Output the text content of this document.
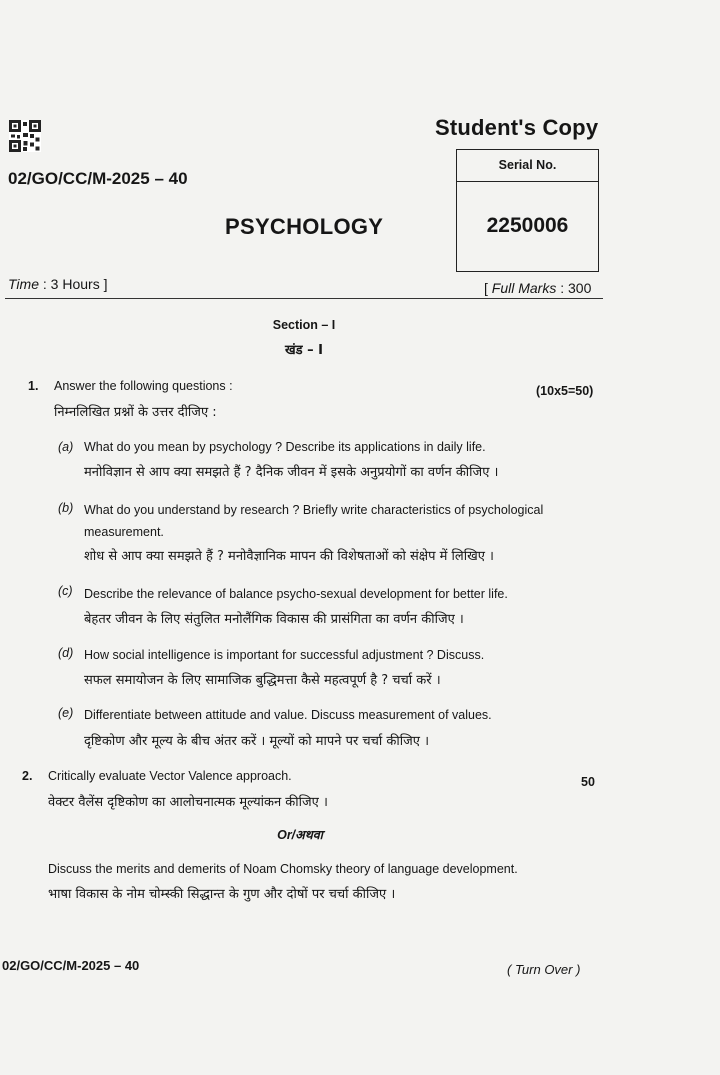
Student's Copy
Serial No.
2250006
02/GO/CC/M-2025 – 40
PSYCHOLOGY
Time : 3 Hours ]	[ Full Marks : 300
Section – I
खंड – I
1. Answer the following questions :	(10x5=50)
निम्नलिखित प्रश्नों के उत्तर दीजिए :
(a) What do you mean by psychology ? Describe its applications in daily life.
मनोविज्ञान से आप क्या समझते हैं ? दैनिक जीवन में इसके अनुप्रयोगों का वर्णन कीजिए ।
(b) What do you understand by research ? Briefly write characteristics of psychological
measurement.
शोध से आप क्या समझते हैं ? मनोवैज्ञानिक मापन की विशेषताओं को संक्षेप में लिखिए ।
(c) Describe the relevance of balance psycho-sexual development for better life.
बेहतर जीवन के लिए संतुलित मनोलैंगिक विकास की प्रासंगिता का वर्णन कीजिए ।
(d) How social intelligence is important for successful adjustment ? Discuss.
सफल समायोजन के लिए सामाजिक बुद्धिमत्ता कैसे महत्वपूर्ण है ? चर्चा करें ।
(e) Differentiate between attitude and value. Discuss measurement of values.
दृष्टिकोण और मूल्य के बीच अंतर करें । मूल्यों को मापने पर चर्चा कीजिए ।
2. Critically evaluate Vector Valence approach.	50
वेक्टर वैलेंस दृष्टिकोण का आलोचनात्मक मूल्यांकन कीजिए ।
Or/अथवा
Discuss the merits and demerits of Noam Chomsky theory of language development.
भाषा विकास के नोम चोम्स्की सिद्धान्त के गुण और दोषों पर चर्चा कीजिए ।
02/GO/CC/M-2025 – 40	( Turn Over )
